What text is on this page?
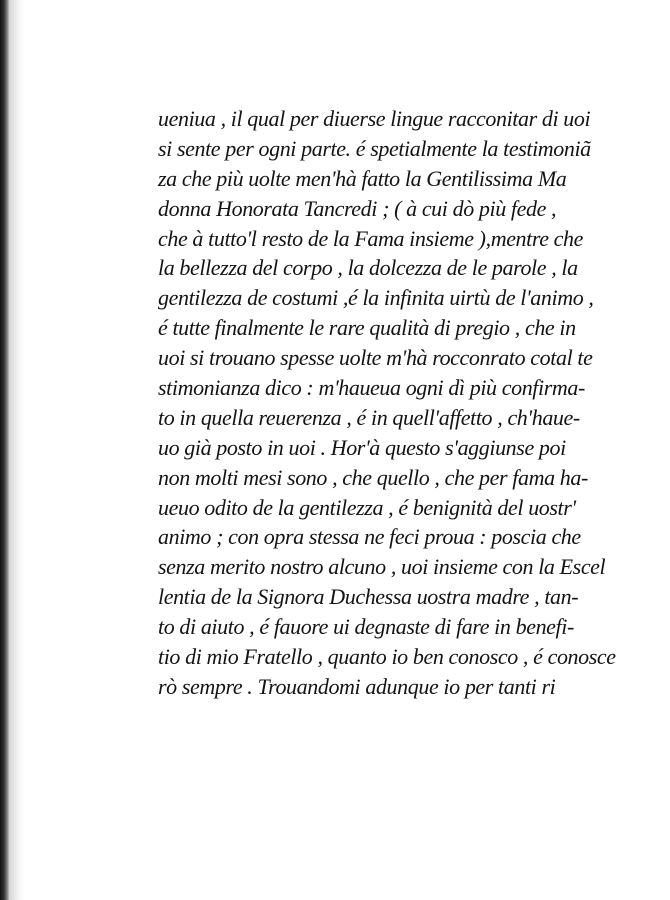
ueniua , il qual per diuerse lingue racconitar di uoi
si sente per ogni parte. é spetialmente la testimoniã
za che più uolte men'hà fatto la Gentilissima Ma
donna Honorata Tancredi ; ( à cui dò più fede ,
che à tutto'l resto de la Fama insieme ),mentre che
la bellezza del corpo , la dolcezza de le parole , la
gentilezza de costumi ,é la infinita uirtù de l'animo ,
é tutte finalmente le rare qualità di pregio , che in
uoi si trouano spesse uolte m'hà rocconrato cotal te
stimonianza dico : m'haueua ogni dì più confirma-
to in quella reuerenza , é in quell'affetto , ch'haue-
uo già posto in uoi . Hor'à questo s'aggiunse poi
non molti mesi sono , che quello , che per fama ha-
ueuo odito de la gentilezza , é benignità del uostr'
animo ; con opra stessa ne feci proua : poscia che
senza merito nostro alcuno , uoi insieme con la Escel
lentia de la Signora Duchessa uostra madre , tan-
to di aiuto , é fauore ui degnaste di fare in benefi-
tio di mio Fratello , quanto io ben conosco , é conosce
rò sempre . Trouandomi adunque io per tanti ri
